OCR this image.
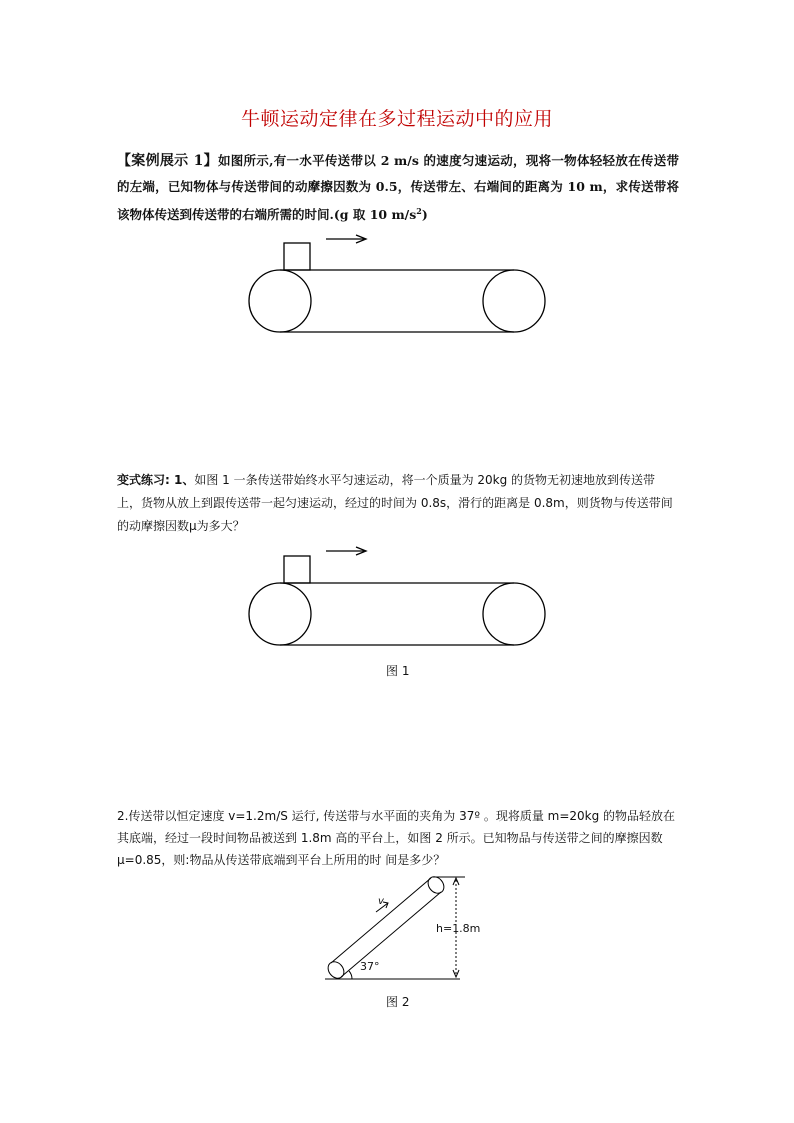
牛顿运动定律在多过程运动中的应用
【案例展示 1】如图所示,有一水平传送带以 2 m/s 的速度匀速运动，现将一物体轻轻放在传送带的左端，已知物体与传送带间的动摩擦因数为 0.5，传送带左、右端间的距离为 10 m，求传送带将该物体传送到传送带的右端所需的时间.(g 取 10 $m/s^2$)
变式练习: 1、如图 1 一条传送带始终水平匀速运动，将一个质量为 20kg 的货物无初速地放到传送带上，货物从放上到跟传送带一起匀速运动，经过的时间为 0.8s，滑行的距离是 0.8m，则货物与传送带间的动摩擦因数μ为多大？
图 1
2.传送带以恒定速度 v=1.2m/S 运行, 传送带与水平面的夹角为 37º 。现将质量 m=20kg 的物品轻放在其底端，经过一段时间物品被送到 1.8m 高的平台上，如图 2 所示。已知物品与传送带之间的摩擦因数μ=0.85，则:物品从传送带底端到平台上所用的时 间是多少？
v
h=1.8m
37°
图 2
